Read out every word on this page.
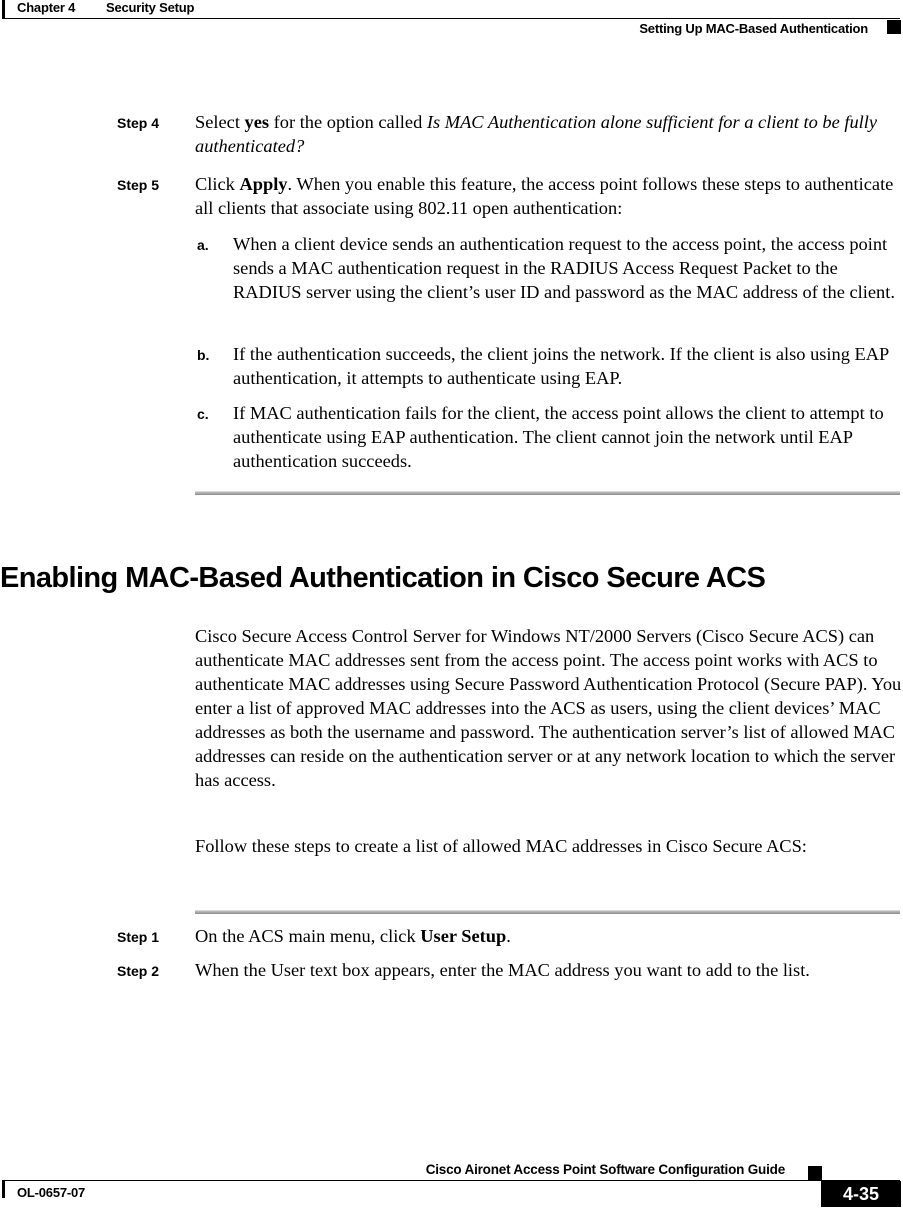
Chapter 4 Security Setup
Setting Up MAC-Based Authentication
Step 4 Select yes for the option called Is MAC Authentication alone sufficient for a client to be fully authenticated?
Step 5 Click Apply. When you enable this feature, the access point follows these steps to authenticate all clients that associate using 802.11 open authentication:
a. When a client device sends an authentication request to the access point, the access point sends a MAC authentication request in the RADIUS Access Request Packet to the RADIUS server using the client’s user ID and password as the MAC address of the client.
b. If the authentication succeeds, the client joins the network. If the client is also using EAP authentication, it attempts to authenticate using EAP.
c. If MAC authentication fails for the client, the access point allows the client to attempt to authenticate using EAP authentication. The client cannot join the network until EAP authentication succeeds.
Enabling MAC-Based Authentication in Cisco Secure ACS
Cisco Secure Access Control Server for Windows NT/2000 Servers (Cisco Secure ACS) can authenticate MAC addresses sent from the access point. The access point works with ACS to authenticate MAC addresses using Secure Password Authentication Protocol (Secure PAP). You enter a list of approved MAC addresses into the ACS as users, using the client devices’ MAC addresses as both the username and password. The authentication server’s list of allowed MAC addresses can reside on the authentication server or at any network location to which the server has access.
Follow these steps to create a list of allowed MAC addresses in Cisco Secure ACS:
Step 1 On the ACS main menu, click User Setup.
Step 2 When the User text box appears, enter the MAC address you want to add to the list.
Cisco Aironet Access Point Software Configuration Guide
OL-0657-07	4-35
